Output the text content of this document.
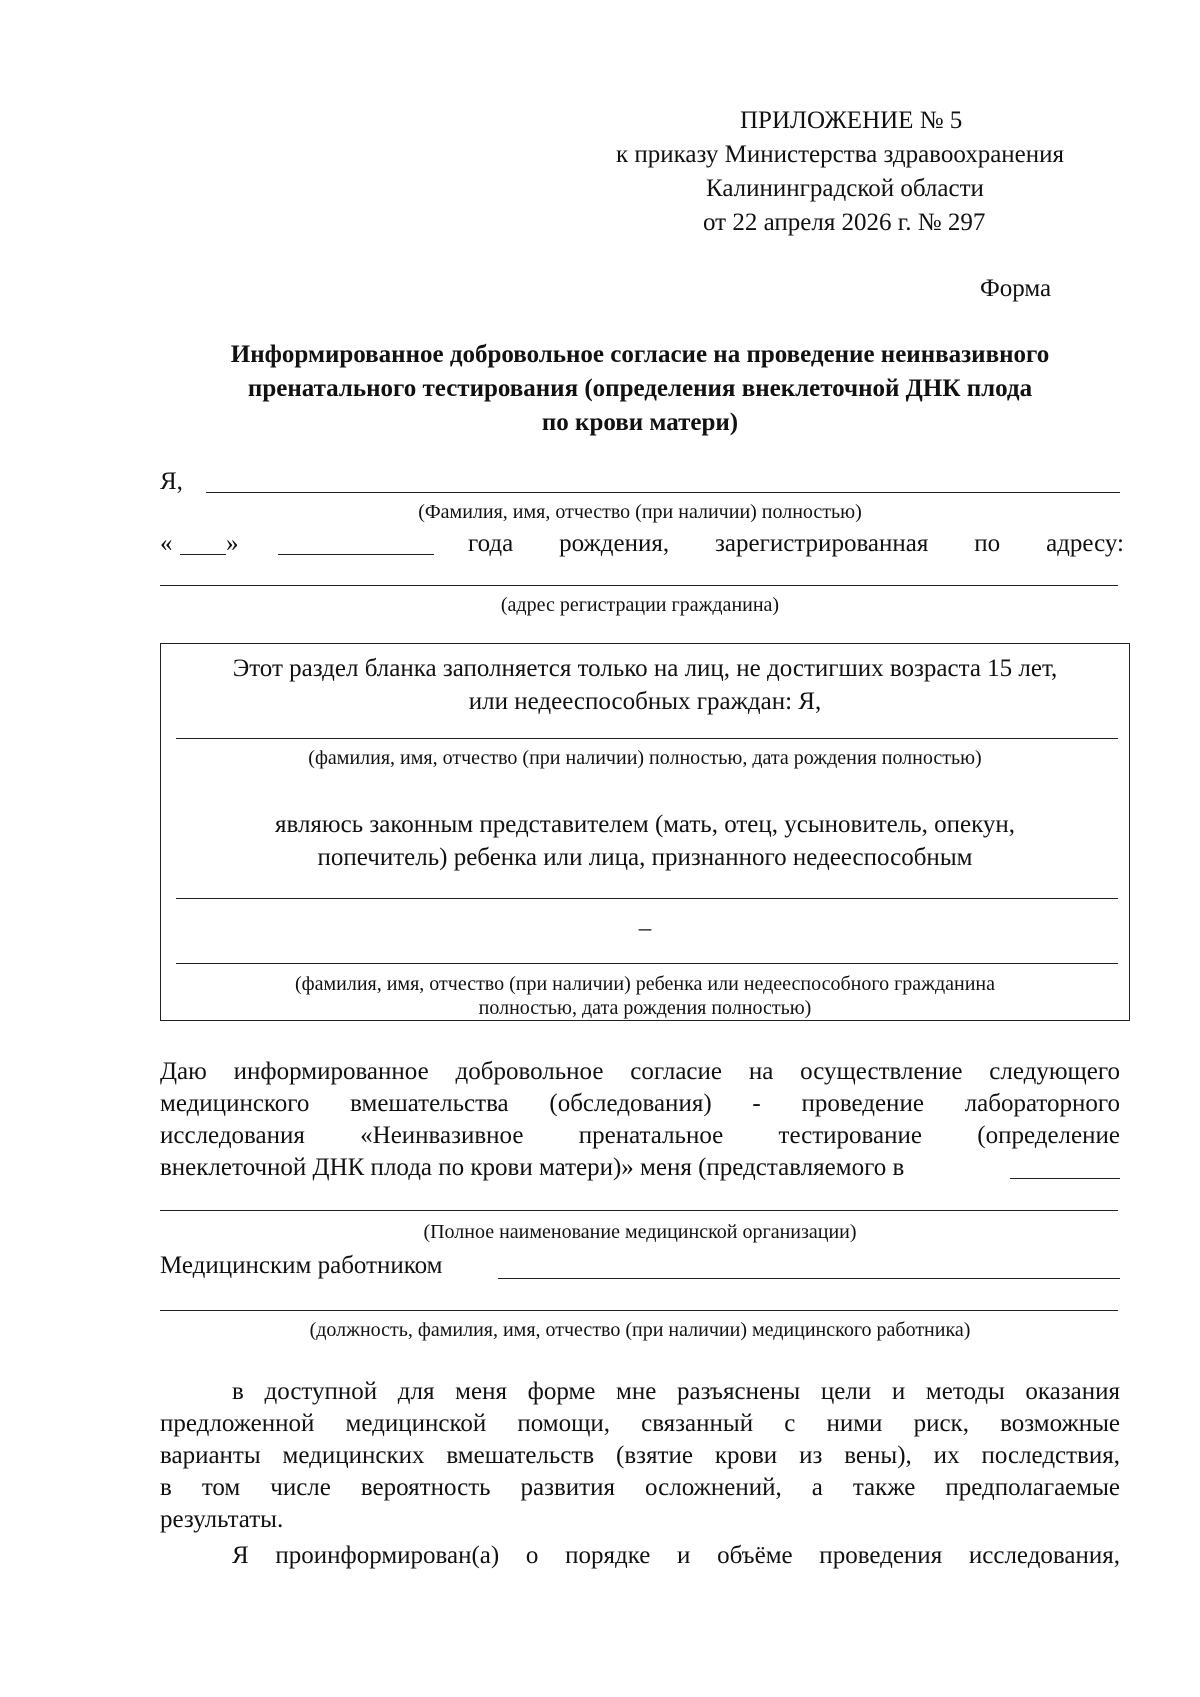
ПРИЛОЖЕНИЕ № 5
к приказу Министерства здравоохранения
Калининградской области
от 22 апреля 2026 г. № 297
Форма
Информированное добровольное согласие на проведение неинвазивного
пренатального тестирования (определения внеклеточной ДНК плода
по крови матери)
Я,
(Фамилия, имя, отчество (при наличии) полностью)
« »	года рождения, зарегистрированная по адресу:
(адрес регистрации гражданина)
Этот раздел бланка заполняется только на лиц, не достигших возраста 15 лет,
или недееспособных граждан: Я,
(фамилия, имя, отчество (при наличии) полностью, дата рождения полностью)
являюсь законным представителем (мать, отец, усыновитель, опекун,
попечитель) ребенка или лица, признанного недееспособным
–
(фамилия, имя, отчество (при наличии) ребенка или недееспособного гражданина
полностью, дата рождения полностью)
Даю информированное добровольное согласие на осуществление следующего
медицинского вмешательства (обследования) - проведение лабораторного
исследования «Неинвазивное пренатальное тестирование (определение
внеклеточной ДНК плода по крови матери)» меня (представляемого в
(Полное наименование медицинской организации)
Медицинским работником
(должность, фамилия, имя, отчество (при наличии) медицинского работника)
в доступной для меня форме мне разъяснены цели и методы оказания
предложенной медицинской помощи, связанный с ними риск, возможные
варианты медицинских вмешательств (взятие крови из вены), их последствия,
в том числе вероятность развития осложнений, а также предполагаемые
результаты.
Я проинформирован(а) о порядке и объёме проведения исследования,
